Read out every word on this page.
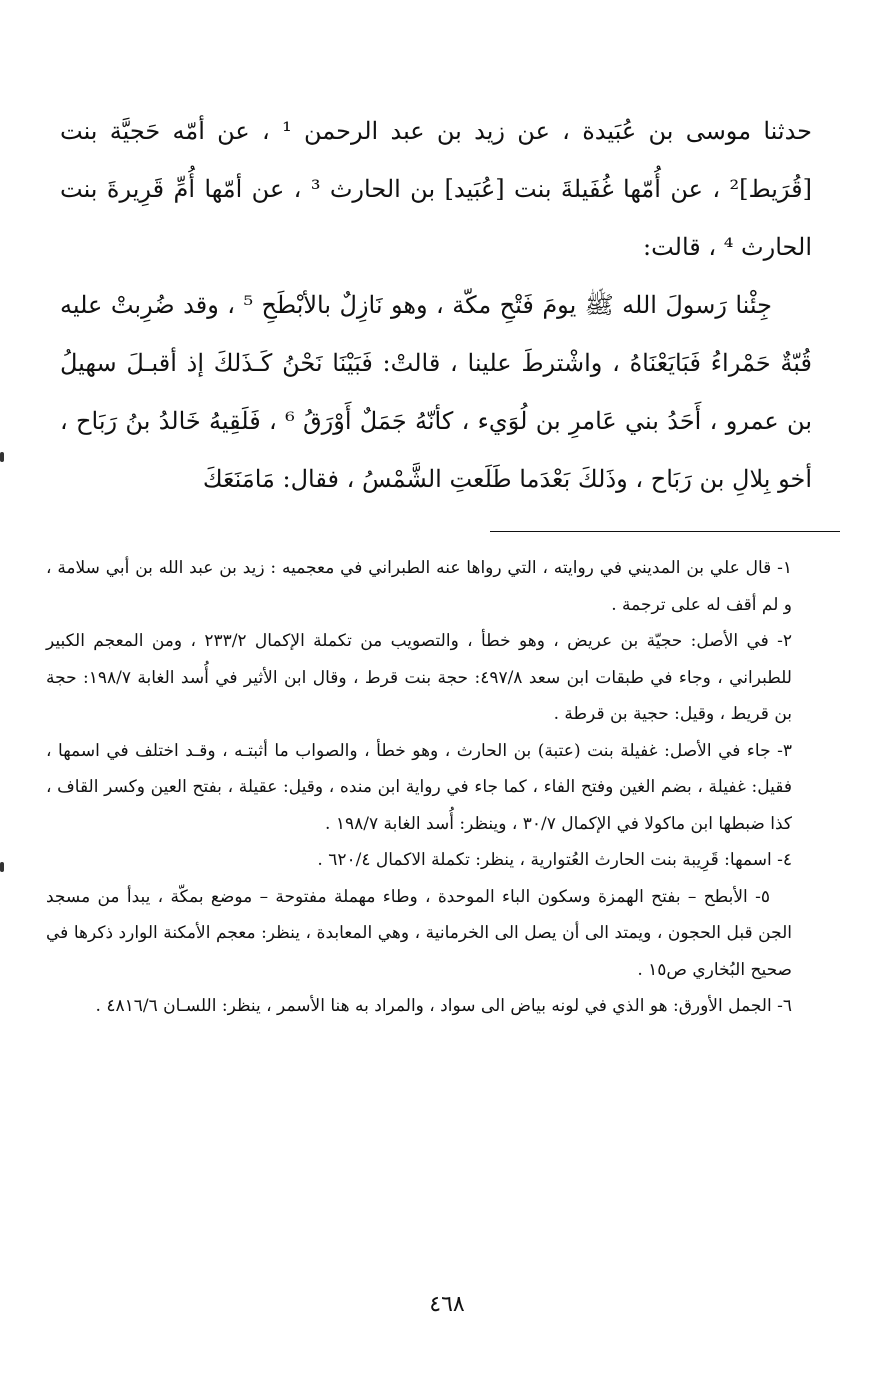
حدثنا موسى بن عُبَيدة ، عن زيد بن عبد الرحمن ¹ ، عن أمّه حَجيَّة بنت [قُرَيط]² ، عن أُمّها غُفَيلةَ بنت [عُبَيد] بن الحارث ³ ، عن أمّها أُمِّ قَرِيرةَ بنت الحارث ⁴ ، قالت:

جِئْنا رَسولَ الله ﷺ يومَ فَتْحِ مكّة ، وهو نَازِلٌ بالأبْطَحِ ⁵ ، وقد ضُرِبتْ عليه قُبّةٌ حَمْراءُ فَبَايَعْنَاهُ ، واشْترطَ علينا ، قالتْ: فَبَيْنَا نَحْنُ كَـذَلكَ إذ أقبـلَ سهيلُ بن عمرو ، أَحَدُ بني عَامرِ بن لُوَيء ، كأنّهُ جَمَلٌ أَوْرَقُ ⁶ ، فَلَقِيهُ خَالدُ بنُ رَبَاح ، أخو بِلالِ بن رَبَاح ، وذَلكَ بَعْدَما طَلَعتِ الشَّمْسُ ، فقال: مَامَنَعَكَ

١- قال علي بن المديني في روايته ، التي رواها عنه الطبراني في معجميه : زيد بن عبد الله بن أبي سلامة ، و لم أقف له على ترجمة .

٢- في الأصل: حجيّة بن عريض ، وهو خطأ ، والتصويب من تكملة الإكمال ٢٣٣/٢ ، ومن المعجم الكبير للطبراني ، وجاء في طبقات ابن سعد ٤٩٧/٨: حجة بنت قرط ، وقال ابن الأثير في أُسد الغابة ١٩٨/٧: حجة بن قريط ، وقيل: حجية بن قرطة .

٣- جاء في الأصل: غفيلة بنت (عتبة) بن الحارث ، وهو خطأ ، والصواب ما أثبتـه ، وقـد اختلف في اسمها ، فقيل: غفيلة ، بضم الغين وفتح الفاء ، كما جاء في رواية ابن منده ، وقيل: عقيلة ، بفتح العين وكسر القاف ، كذا ضبطها ابن ماكولا في الإكمال ٣٠/٧ ، وينظر: أُسد الغابة ١٩٨/٧ .

٤- اسمها: قَرِيبة بنت الحارث العُتوارية ، ينظر: تكملة الاكمال ٦٢٠/٤ .

٥- الأبطح – بفتح الهمزة وسكون الباء الموحدة ، وطاء مهملة مفتوحة – موضع بمكّة ، يبدأ من مسجد الجن قبل الحجون ، ويمتد الى أن يصل الى الخرمانية ، وهي المعابدة ، ينظر: معجم الأمكنة الوارد ذكرها في صحيح البُخاري ص١٥ .

٦- الجمل الأورق: هو الذي في لونه بياض الى سواد ، والمراد به هنا الأسمر ، ينظر: اللسـان ٤٨١٦/٦ .

٤٦٨
